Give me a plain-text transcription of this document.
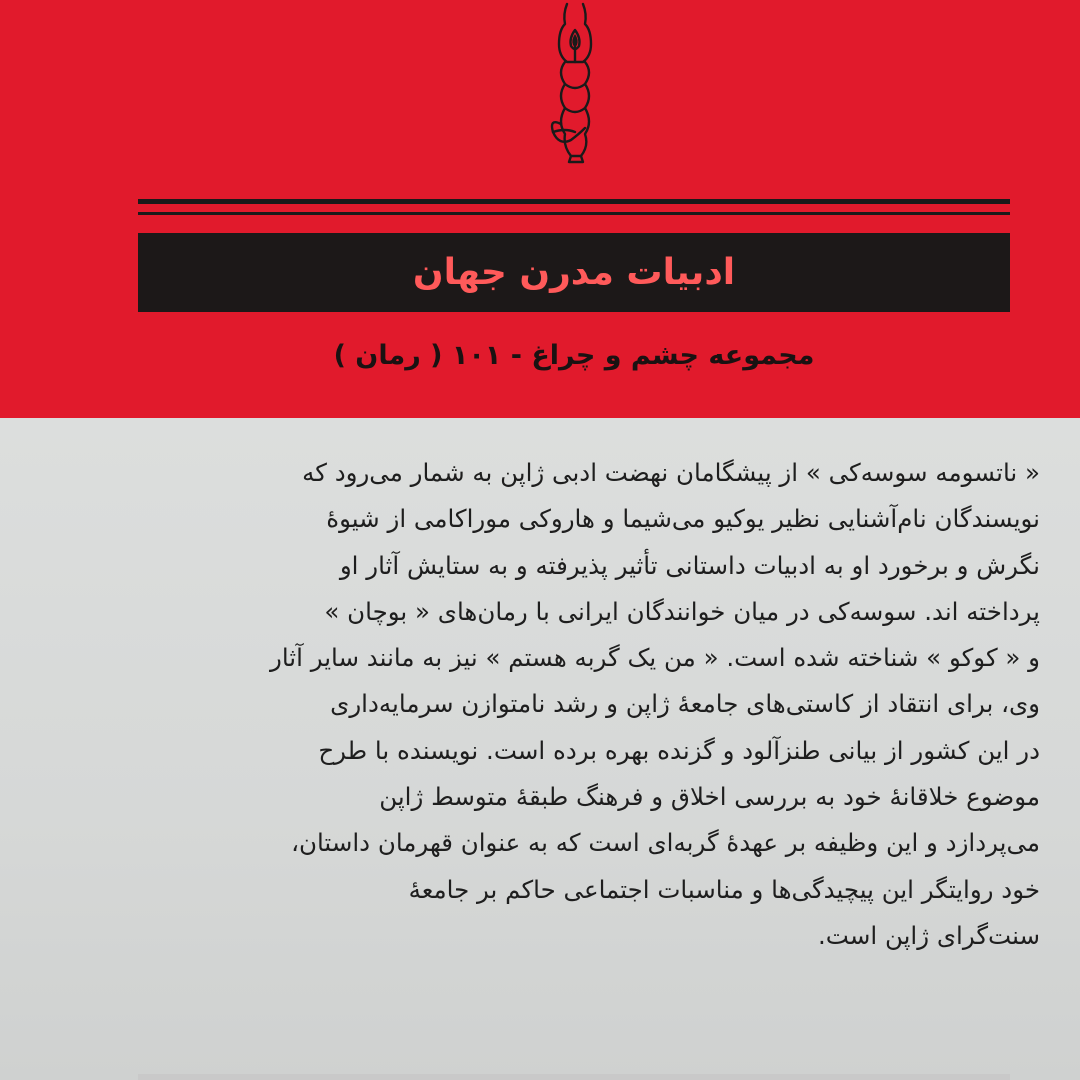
ادبیات مدرن جهان
مجموعه چشم و چراغ - ۱۰۱ ( رمان )
« ناتسومه سوسه‌کی » از پیشگامان نهضت ادبی ژاپن به شمار می‌رود که
نویسندگان نام‌آشنایی نظیر یوکیو می‌شیما و هاروکی موراکامی از شیوهٔ
نگرش و برخورد او به ادبیات داستانی تأثیر پذیرفته و به ستایش آثار او
پرداخته اند. سوسه‌کی در میان خوانندگان ایرانی با رمان‌های « بوچان »
و « کوکو » شناخته شده است. « من یک گربه هستم » نیز به مانند سایر آثار
وی، برای انتقاد از کاستی‌های جامعهٔ ژاپن و رشد نامتوازن سرمایه‌داری
در این کشور از بیانی طنزآلود و گزنده بهره برده است. نویسنده با طرح
موضوع خلاقانهٔ خود به بررسی اخلاق و فرهنگ طبقهٔ متوسط ژاپن
می‌پردازد و این وظیفه بر عهدهٔ گربه‌ای است که به عنوان قهرمان داستان،
خود روایتگر این پیچیدگی‌ها و مناسبات اجتماعی حاکم بر جامعهٔ
سنت‌گرای ژاپن است.
